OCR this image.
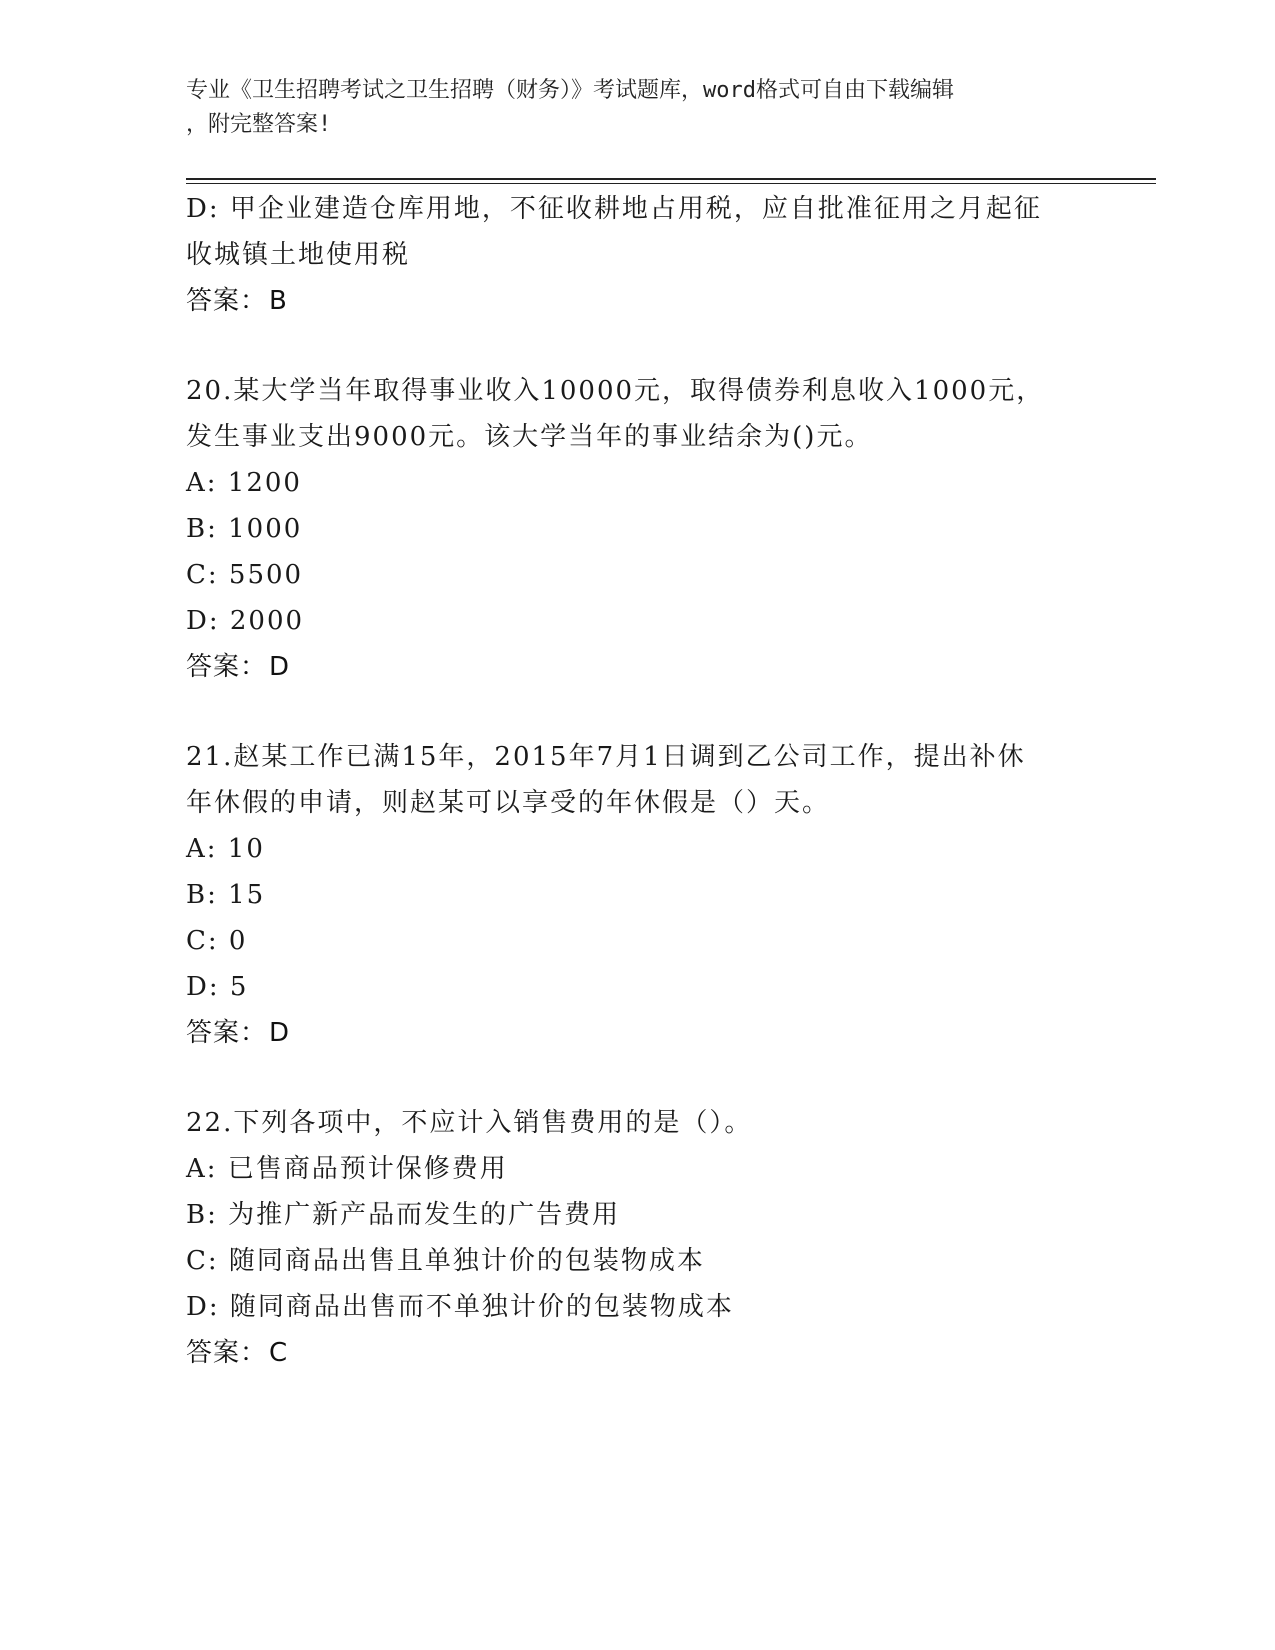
专业《卫生招聘考试之卫生招聘（财务）》考试题库，word格式可自由下载编辑
，附完整答案!
D: 甲企业建造仓库用地，不征收耕地占用税，应自批准征用之月起征
收城镇土地使用税
答案：B
20.某大学当年取得事业收入10000元，取得债券利息收入1000元，
发生事业支出9000元。该大学当年的事业结余为()元。
A: 1200
B: 1000
C: 5500
D: 2000
答案：D
21.赵某工作已满15年，2015年7月1日调到乙公司工作，提出补休
年休假的申请，则赵某可以享受的年休假是（）天。
A: 10
B: 15
C: 0
D: 5
答案：D
22.下列各项中，不应计入销售费用的是（）。
A: 已售商品预计保修费用
B: 为推广新产品而发生的广告费用
C: 随同商品出售且单独计价的包装物成本
D: 随同商品出售而不单独计价的包装物成本
答案：C
